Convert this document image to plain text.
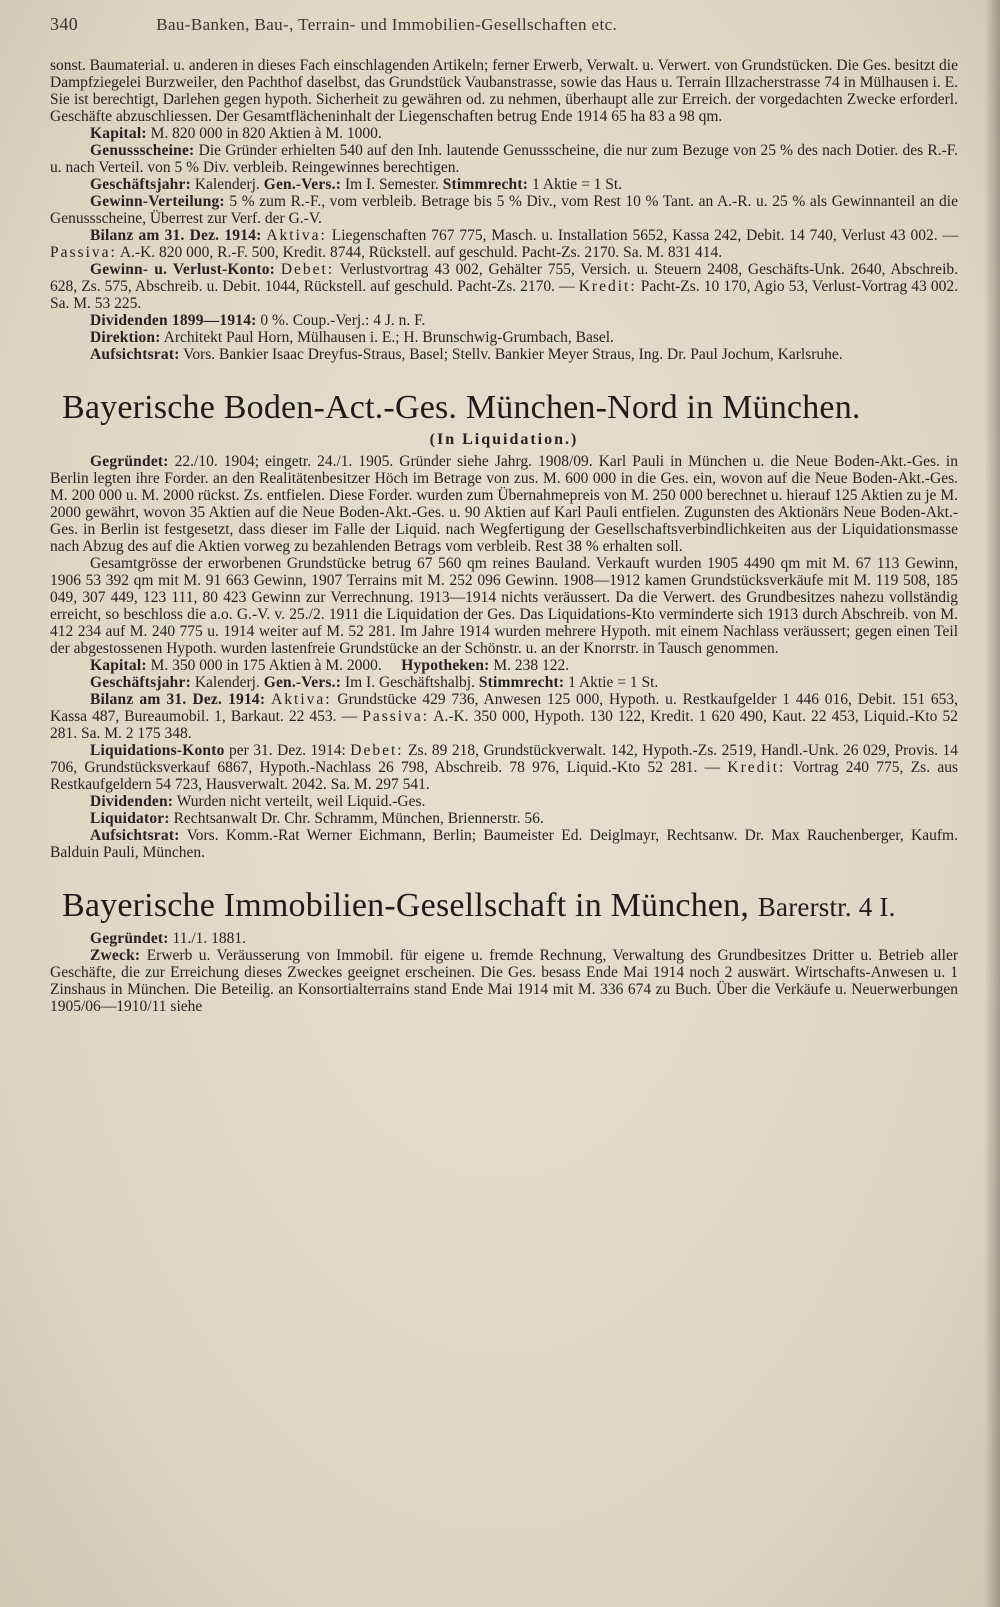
340	Bau-Banken, Bau-, Terrain- und Immobilien-Gesellschaften etc.

sonst. Baumaterial. u. anderen in dieses Fach einschlagenden Artikeln; ferner Erwerb, Verwalt. u. Verwert. von Grundstücken. Die Ges. besitzt die Dampfziegelei Burzweiler, den Pachthof daselbst, das Grundstück Vaubanstrasse, sowie das Haus u. Terrain Illzacherstrasse 74 in Mülhausen i. E. Sie ist berechtigt, Darlehen gegen hypoth. Sicherheit zu gewähren od. zu nehmen, überhaupt alle zur Erreich. der vorgedachten Zwecke erforderl. Geschäfte abzuschliessen. Der Gesamtflächeninhalt der Liegenschaften betrug Ende 1914 65 ha 83 a 98 qm.

Kapital: M. 820 000 in 820 Aktien à M. 1000.

Genussscheine: Die Gründer erhielten 540 auf den Inh. lautende Genussscheine, die nur zum Bezuge von 25 % des nach Dotier. des R.-F. u. nach Verteil. von 5 % Div. verbleib. Reingewinnes berechtigen.

Geschäftsjahr: Kalenderj. Gen.-Vers.: Im I. Semester. Stimmrecht: 1 Aktie = 1 St.

Gewinn-Verteilung: 5 % zum R.-F., vom verbleib. Betrage bis 5 % Div., vom Rest 10 % Tant. an A.-R. u. 25 % als Gewinnanteil an die Genussscheine, Überrest zur Verf. der G.-V.

Bilanz am 31. Dez. 1914: Aktiva: Liegenschaften 767 775, Masch. u. Installation 5652, Kassa 242, Debit. 14 740, Verlust 43 002. — Passiva: A.-K. 820 000, R.-F. 500, Kredit. 8744, Rückstell. auf geschuld. Pacht-Zs. 2170. Sa. M. 831 414.

Gewinn- u. Verlust-Konto: Debet: Verlustvortrag 43 002, Gehälter 755, Versich. u. Steuern 2408, Geschäfts-Unk. 2640, Abschreib. 628, Zs. 575, Abschreib. u. Debit. 1044, Rückstell. auf geschuld. Pacht-Zs. 2170. — Kredit: Pacht-Zs. 10 170, Agio 53, Verlust-Vortrag 43 002. Sa. M. 53 225.

Dividenden 1899—1914: 0 %. Coup.-Verj.: 4 J. n. F.

Direktion: Architekt Paul Horn, Mülhausen i. E.; H. Brunschwig-Grumbach, Basel.

Aufsichtsrat: Vors. Bankier Isaac Dreyfus-Straus, Basel; Stellv. Bankier Meyer Straus, Ing. Dr. Paul Jochum, Karlsruhe.

Bayerische Boden-Act.-Ges. München-Nord in München.
(In Liquidation.)

Gegründet: 22./10. 1904; eingetr. 24./1. 1905. Gründer siehe Jahrg. 1908/09. Karl Pauli in München u. die Neue Boden-Akt.-Ges. in Berlin legten ihre Forder. an den Realitätenbesitzer Höch im Betrage von zus. M. 600 000 in die Ges. ein, wovon auf die Neue Boden-Akt.-Ges. M. 200 000 u. M. 2000 rückst. Zs. entfielen. Diese Forder. wurden zum Übernahmepreis von M. 250 000 berechnet u. hierauf 125 Aktien zu je M. 2000 gewährt, wovon 35 Aktien auf die Neue Boden-Akt.-Ges. u. 90 Aktien auf Karl Pauli entfielen. Zugunsten des Aktionärs Neue Boden-Akt.-Ges. in Berlin ist festgesetzt, dass dieser im Falle der Liquid. nach Wegfertigung der Gesellschaftsverbindlichkeiten aus der Liquidationsmasse nach Abzug des auf die Aktien vorweg zu bezahlenden Betrags vom verbleib. Rest 38 % erhalten soll.

Gesamtgrösse der erworbenen Grundstücke betrug 67 560 qm reines Bauland. Verkauft wurden 1905 4490 qm mit M. 67 113 Gewinn, 1906 53 392 qm mit M. 91 663 Gewinn, 1907 Terrains mit M. 252 096 Gewinn. 1908—1912 kamen Grundstücksverkäufe mit M. 119 508, 185 049, 307 449, 123 111, 80 423 Gewinn zur Verrechnung. 1913—1914 nichts veräussert. Da die Verwert. des Grundbesitzes nahezu vollständig erreicht, so beschloss die a.o. G.-V. v. 25./2. 1911 die Liquidation der Ges. Das Liquidations-Kto verminderte sich 1913 durch Abschreib. von M. 412 234 auf M. 240 775 u. 1914 weiter auf M. 52 281. Im Jahre 1914 wurden mehrere Hypoth. mit einem Nachlass veräussert; gegen einen Teil der abgestossenen Hypoth. wurden lastenfreie Grundstücke an der Schönstr. u. an der Knorrstr. in Tausch genommen.

Kapital: M. 350 000 in 175 Aktien à M. 2000. Hypotheken: M. 238 122.

Geschäftsjahr: Kalenderj. Gen.-Vers.: Im I. Geschäftshalbj. Stimmrecht: 1 Aktie = 1 St.

Bilanz am 31. Dez. 1914: Aktiva: Grundstücke 429 736, Anwesen 125 000, Hypoth. u. Restkaufgelder 1 446 016, Debit. 151 653, Kassa 487, Bureaumobil. 1, Barkaut. 22 453. — Passiva: A.-K. 350 000, Hypoth. 130 122, Kredit. 1 620 490, Kaut. 22 453, Liquid.-Kto 52 281. Sa. M. 2 175 348.

Liquidations-Konto per 31. Dez. 1914: Debet: Zs. 89 218, Grundstückverwalt. 142, Hypoth.-Zs. 2519, Handl.-Unk. 26 029, Provis. 14 706, Grundstücksverkauf 6867, Hypoth.-Nachlass 26 798, Abschreib. 78 976, Liquid.-Kto 52 281. — Kredit: Vortrag 240 775, Zs. aus Restkaufgeldern 54 723, Hausverwalt. 2042. Sa. M. 297 541.

Dividenden: Wurden nicht verteilt, weil Liquid.-Ges.

Liquidator: Rechtsanwalt Dr. Chr. Schramm, München, Briennerstr. 56.

Aufsichtsrat: Vors. Komm.-Rat Werner Eichmann, Berlin; Baumeister Ed. Deiglmayr, Rechtsanw. Dr. Max Rauchenberger, Kaufm. Balduin Pauli, München.

Bayerische Immobilien-Gesellschaft in München, Barerstr. 4 I.

Gegründet: 11./1. 1881.

Zweck: Erwerb u. Veräusserung von Immobil. für eigene u. fremde Rechnung, Verwaltung des Grundbesitzes Dritter u. Betrieb aller Geschäfte, die zur Erreichung dieses Zweckes geeignet erscheinen. Die Ges. besass Ende Mai 1914 noch 2 auswärt. Wirtschafts-Anwesen u. 1 Zinshaus in München. Die Beteilig. an Konsortialterrains stand Ende Mai 1914 mit M. 336 674 zu Buch. Über die Verkäufe u. Neuerwerbungen 1905/06—1910/11 siehe
